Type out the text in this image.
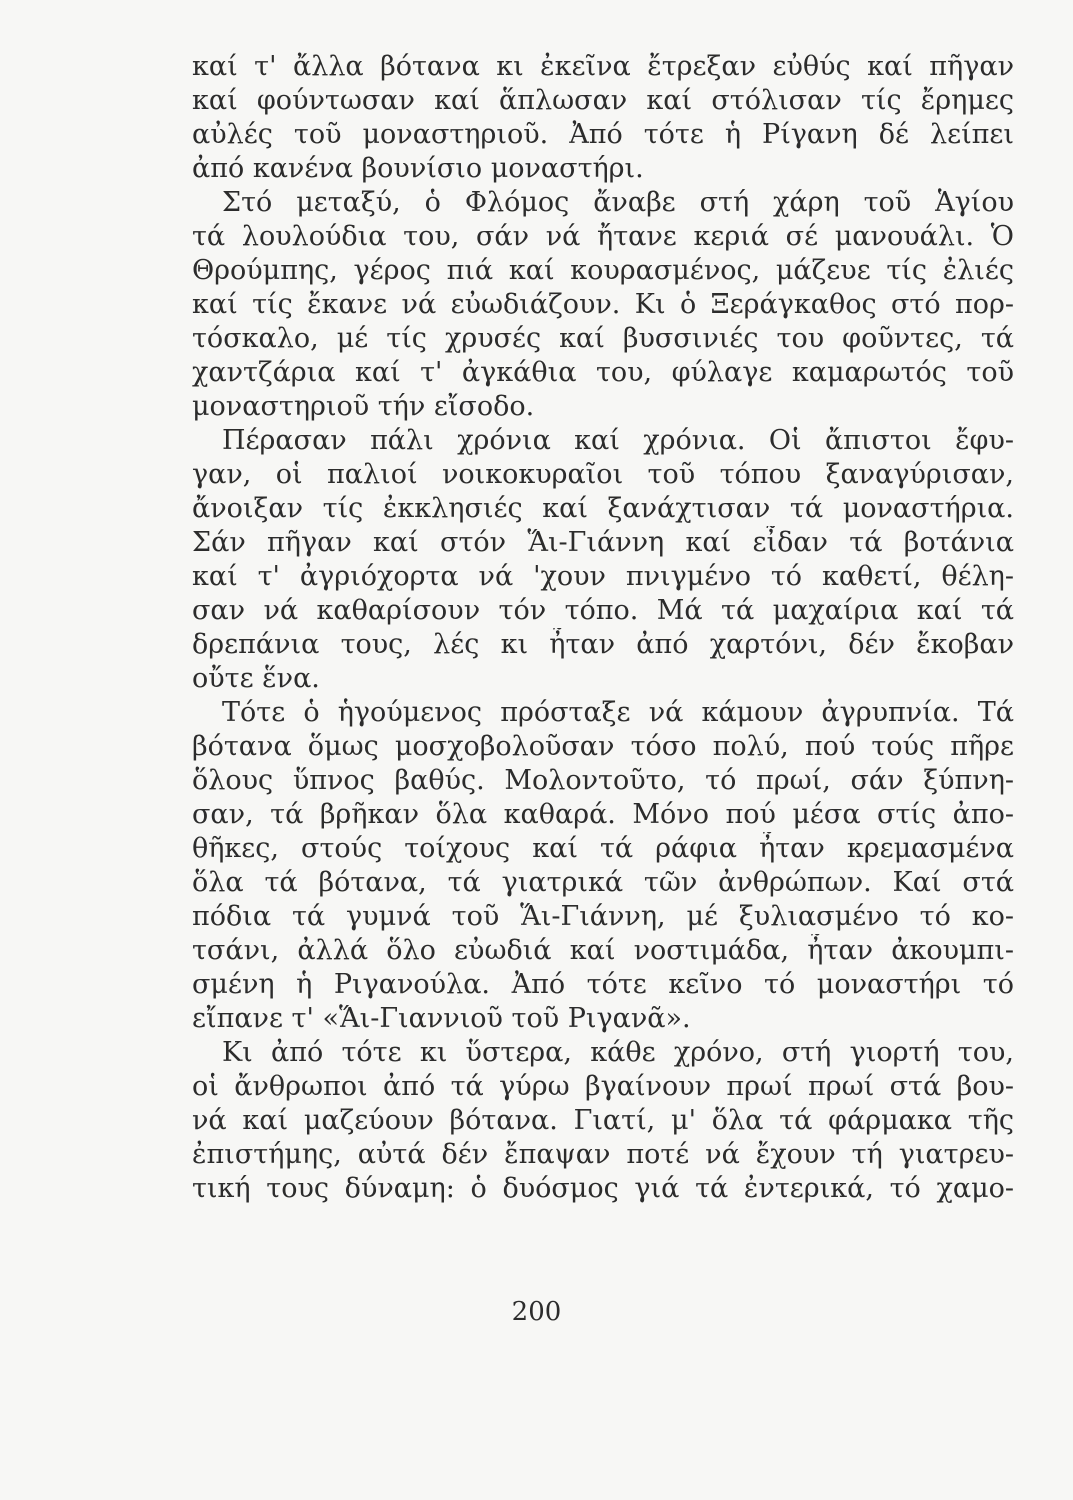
καί τ' ἄλλα βότανα κι ἐκεῖνα ἔτρεξαν εὐθύς καί πῆγαν
καί φούντωσαν καί ἅπλωσαν καί στόλισαν τίς ἔρημες
αὐλές τοῦ μοναστηριοῦ. Ἀπό τότε ἡ Ρίγανη δέ λείπει
ἀπό κανένα βουνίσιο μοναστήρι.
Στό μεταξύ, ὁ Φλόμος ἄναβε στή χάρη τοῦ Ἁγίου
τά λουλούδια του, σάν νά ἤτανε κεριά σέ μανουάλι. Ὁ
Θρούμπης, γέρος πιά καί κουρασμένος, μάζευε τίς ἐλιές
καί τίς ἔκανε νά εὐωδιάζουν. Κι ὁ Ξεράγκαθος στό πορ-
τόσκαλο, μέ τίς χρυσές καί βυσσινιές του φοῦντες, τά
χαντζάρια καί τ' ἀγκάθια του, φύλαγε καμαρωτός τοῦ
μοναστηριοῦ τήν εἴσοδο.
Πέρασαν πάλι χρόνια καί χρόνια. Οἱ ἄπιστοι ἔφυ-
γαν, οἱ παλιοί νοικοκυραῖοι τοῦ τόπου ξαναγύρισαν,
ἄνοιξαν τίς ἐκκλησιές καί ξανάχτισαν τά μοναστήρια.
Σάν πῆγαν καί στόν Ἅι-Γιάννη καί εἶδαν τά βοτάνια
καί τ' ἀγριόχορτα νά 'χουν πνιγμένο τό καθετί, θέλη-
σαν νά καθαρίσουν τόν τόπο. Μά τά μαχαίρια καί τά
δρεπάνια τους, λές κι ἦταν ἀπό χαρτόνι, δέν ἔκοβαν
οὔτε ἕνα.
Τότε ὁ ἡγούμενος πρόσταξε νά κάμουν ἀγρυπνία. Τά
βότανα ὅμως μοσχοβολοῦσαν τόσο πολύ, πού τούς πῆρε
ὅλους ὕπνος βαθύς. Μολοντοῦτο, τό πρωί, σάν ξύπνη-
σαν, τά βρῆκαν ὅλα καθαρά. Μόνο πού μέσα στίς ἀπο-
θῆκες, στούς τοίχους καί τά ράφια ἦταν κρεμασμένα
ὅλα τά βότανα, τά γιατρικά τῶν ἀνθρώπων. Καί στά
πόδια τά γυμνά τοῦ Ἅι-Γιάννη, μέ ξυλιασμένο τό κο-
τσάνι, ἀλλά ὅλο εὐωδιά καί νοστιμάδα, ἦταν ἀκουμπι-
σμένη ἡ Ριγανούλα. Ἀπό τότε κεῖνο τό μοναστήρι τό
εἴπανε τ' «Ἅι-Γιαννιοῦ τοῦ Ριγανᾶ».
Κι ἀπό τότε κι ὕστερα, κάθε χρόνο, στή γιορτή του,
οἱ ἄνθρωποι ἀπό τά γύρω βγαίνουν πρωί πρωί στά βου-
νά καί μαζεύουν βότανα. Γιατί, μ' ὅλα τά φάρμακα τῆς
ἐπιστήμης, αὐτά δέν ἔπαψαν ποτέ νά ἔχουν τή γιατρευ-
τική τους δύναμη: ὁ δυόσμος γιά τά ἐντερικά, τό χαμο-
200
